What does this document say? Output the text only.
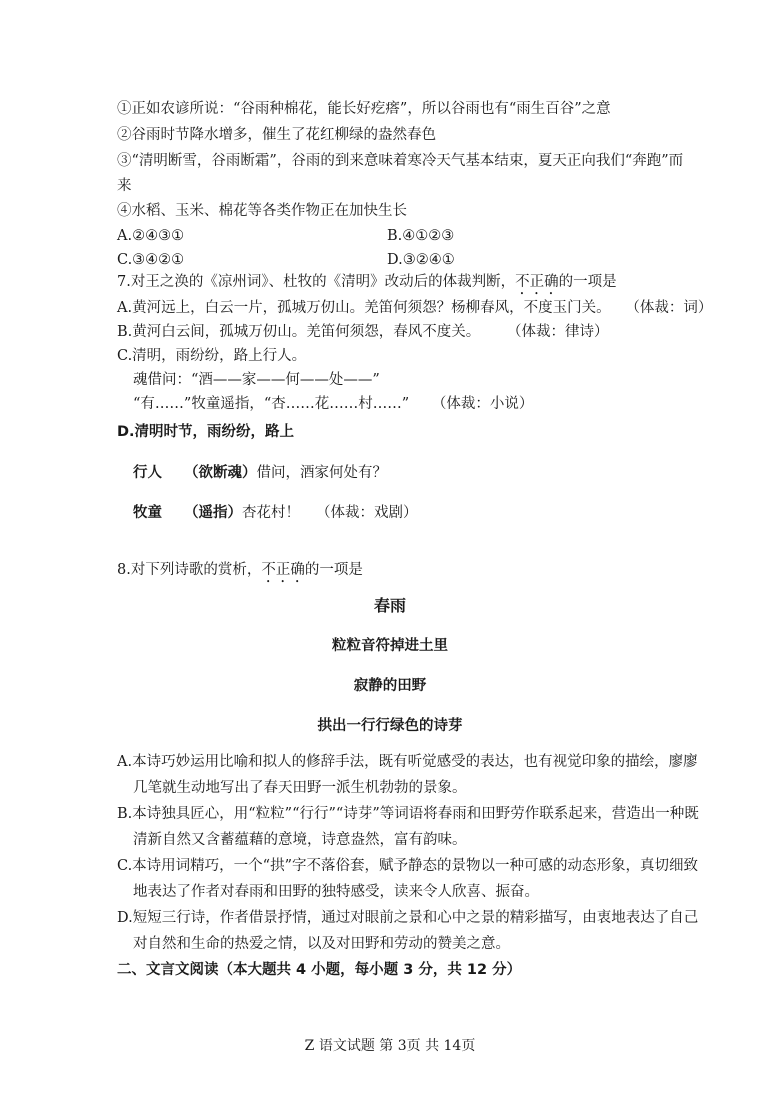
①正如农谚所说：“谷雨种棉花，能长好疙瘩”，所以谷雨也有“雨生百谷”之意
②谷雨时节降水增多，催生了花红柳绿的盎然春色
③“清明断雪，谷雨断霜”，谷雨的到来意味着寒冷天气基本结束，夏天正向我们“奔跑”而
来
④水稻、玉米、棉花等各类作物正在加快生长
A.②④③①	B.④①②③
C.③④②①	D.③②④①
7.对王之涣的《凉州词》、杜牧的《清明》改动后的体裁判断，不正确的一项是
A.黄河远上，白云一片，孤城万仞山。羌笛何须怨？杨柳春风，不度玉门关。 （体裁：词）
B.黄河白云间，孤城万仞山。羌笛何须怨，春风不度关。 （体裁：律诗）
C.清明，雨纷纷，路上行人。
魂借问：“酒——家——何——处——”
“有……”牧童遥指，“杏……花……村……” （体裁：小说）
D.清明时节，雨纷纷，路上
行人 （欲断魂）借问，酒家何处有？
牧童 （遥指）杏花村！ （体裁：戏剧）
8.对下列诗歌的赏析，不正确的一项是
春雨
粒粒音符掉进土里
寂静的田野
拱出一行行绿色的诗芽
A.本诗巧妙运用比喻和拟人的修辞手法，既有听觉感受的表达，也有视觉印象的描绘，廖廖
几笔就生动地写出了春天田野一派生机勃勃的景象。
B.本诗独具匠心，用“粒粒”“行行”“诗芽”等词语将春雨和田野劳作联系起来，营造出一种既
清新自然又含蓄蕴藉的意境，诗意盎然，富有韵味。
C.本诗用词精巧，一个“拱”字不落俗套，赋予静态的景物以一种可感的动态形象，真切细致
地表达了作者对春雨和田野的独特感受，读来令人欣喜、振奋。
D.短短三行诗，作者借景抒情，通过对眼前之景和心中之景的精彩描写，由衷地表达了自己
对自然和生命的热爱之情，以及对田野和劳动的赞美之意。
二、文言文阅读（本大题共 4 小题，每小题 3 分，共 12 分）
Z 语文试题 第 3页 共 14页
